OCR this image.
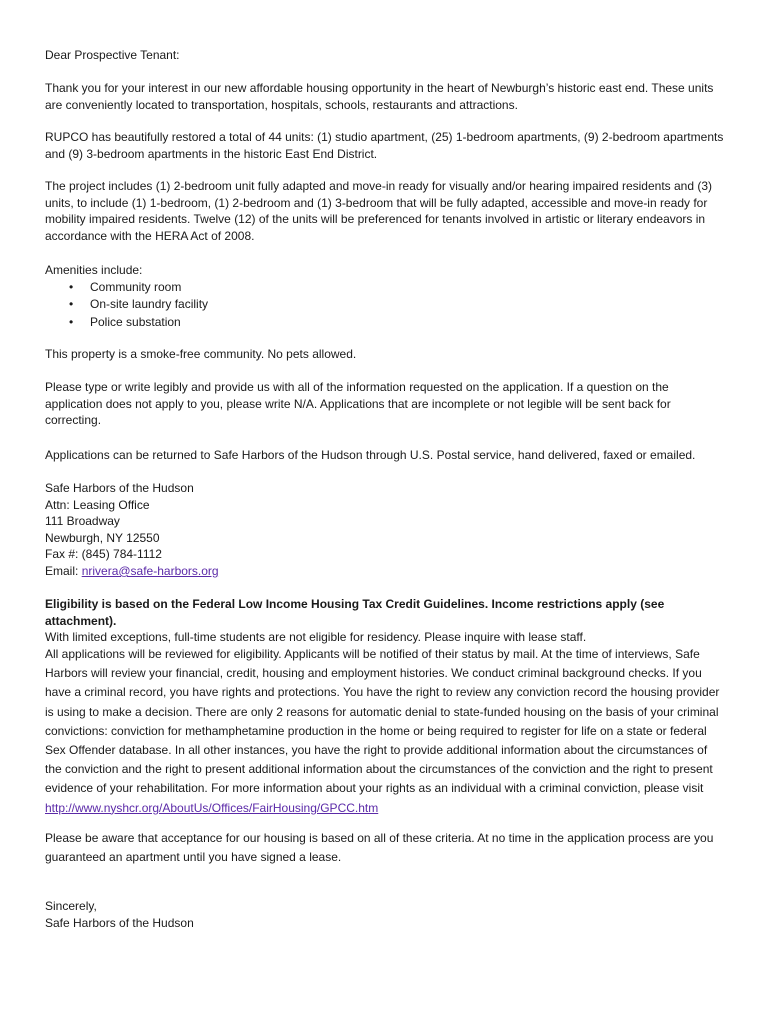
Dear Prospective Tenant:

Thank you for your interest in our new affordable housing opportunity in the heart of Newburgh’s historic east end. These units are conveniently located to transportation, hospitals, schools, restaurants and attractions.

RUPCO has beautifully restored a total of 44 units: (1) studio apartment, (25) 1-bedroom apartments, (9) 2-bedroom apartments and (9) 3-bedroom apartments in the historic East End District.

The project includes (1) 2-bedroom unit fully adapted and move-in ready for visually and/or hearing impaired residents and (3) units, to include (1) 1-bedroom, (1) 2-bedroom and (1) 3-bedroom that will be fully adapted, accessible and move-in ready for mobility impaired residents. Twelve (12) of the units will be preferenced for tenants involved in artistic or literary endeavors in accordance with the HERA Act of 2008.

Amenities include:
• Community room
• On-site laundry facility
• Police substation

This property is a smoke-free community. No pets allowed.

Please type or write legibly and provide us with all of the information requested on the application. If a question on the application does not apply to you, please write N/A. Applications that are incomplete or not legible will be sent back for correcting.

Applications can be returned to Safe Harbors of the Hudson through U.S. Postal service, hand delivered, faxed or emailed.

Safe Harbors of the Hudson
Attn: Leasing Office
111 Broadway
Newburgh, NY 12550
Fax #: (845) 784-1112
Email: nrivera@safe-harbors.org

Eligibility is based on the Federal Low Income Housing Tax Credit Guidelines. Income restrictions apply (see attachment).
With limited exceptions, full-time students are not eligible for residency. Please inquire with lease staff.

All applications will be reviewed for eligibility. Applicants will be notified of their status by mail. At the time of interviews, Safe Harbors will review your financial, credit, housing and employment histories. We conduct criminal background checks. If you have a criminal record, you have rights and protections. You have the right to review any conviction record the housing provider is using to make a decision. There are only 2 reasons for automatic denial to state-funded housing on the basis of your criminal convictions: conviction for methamphetamine production in the home or being required to register for life on a state or federal Sex Offender database. In all other instances, you have the right to provide additional information about the circumstances of the conviction and the right to present additional information about the circumstances of the conviction and the right to present evidence of your rehabilitation. For more information about your rights as an individual with a criminal conviction, please visit http://www.nyshcr.org/AboutUs/Offices/FairHousing/GPCC.htm

Please be aware that acceptance for our housing is based on all of these criteria. At no time in the application process are you guaranteed an apartment until you have signed a lease.

Sincerely,

Safe Harbors of the Hudson
